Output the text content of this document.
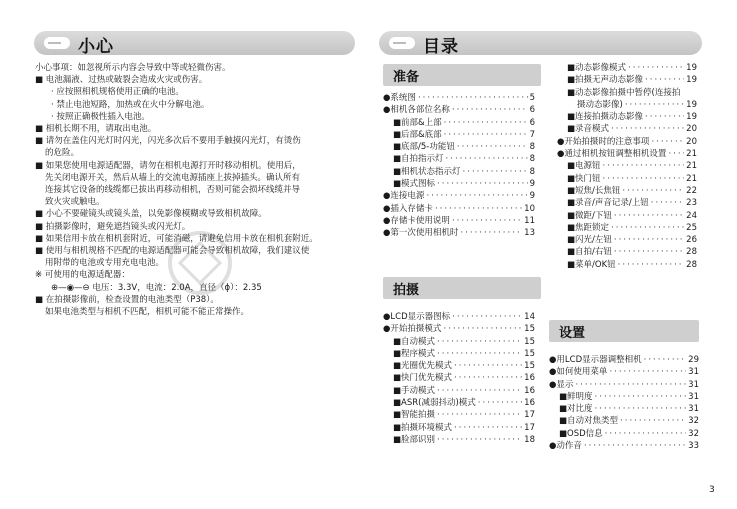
小心	目录
小心事项：如忽视所示内容会导致中等或轻微伤害。
■ 电池漏液、过热或破裂会造成火灾或伤害。
· 应按照相机规格使用正确的电池。
· 禁止电池短路，加热或在火中分解电池。
· 按照正确极性插入电池。
■ 相机长期不用，请取出电池。
■ 请勿在盖住闪光灯时闪光，闪光多次后不要用手触摸闪光灯，有烫伤
的危险。
■ 如果您使用电源适配器，请勿在相机电源打开时移动相机。使用后，
先关闭电源开关，然后从墙上的交流电源插座上拔掉插头。确认所有
连接其它设备的线缆都已拔出再移动相机，否则可能会损坏线缆并导
致火灾或触电。
■ 小心不要碰镜头或镜头盖，以免影像模糊或导致相机故障。
■ 拍摄影像时，避免遮挡镜头或闪光灯。
■ 如果信用卡放在相机套附近，可能消磁，请避免信用卡放在相机套附近。
■ 使用与相机规格不匹配的电源适配器可能会导致相机故障，我们建议使
用附带的电池或专用充电电池。
※ 可使用的电源适配器：
⊕—◉—⊖ 电压：3.3V，电流：2.0A，直径（ϕ）：2.35
■ 在拍摄影像前，检查设置的电池类型（P38）。
如果电池类型与相机不匹配，相机可能不能正常操作。
准备
● 系统图 ·····	5
● 相机各部位名称 ·····	6
■ 前部&上部 ·····	6
■ 后部&底部 ·····	7
■ 底部/5-功能钮 ·····	8
■ 自拍指示灯 ·····	8
■ 相机状态指示灯 ·····	8
■ 模式图标 ·····	9
● 连接电源 ·····	9
● 插入存储卡 ·····	10
● 存储卡使用说明 ·····	11
● 第一次使用相机时 ·····	13
拍摄
● LCD显示器图标 ·····	14
● 开始拍摄模式 ·····	15
■ 自动模式 ·····	15
■ 程序模式 ·····	15
■ 光圈优先模式 ·····	15
■ 快门优先模式 ·····	16
■ 手动模式 ·····	16
■ ASR(减弱抖动)模式 ·····	16
■ 智能拍摄 ·····	17
■ 拍摄环境模式 ·····	17
■ 脸部识别 ·····	18
■ 动态影像模式 ·····	19
■ 拍摄无声动态影像 ·····	19
■动态影像拍摄中暂停(连接拍
摄动态影像) ·····	19
■ 连接拍摄动态影像 ·····	19
■ 录音模式 ·····	20
● 开始拍摄时的注意事项 ·····	20
● 通过相机按钮调整相机设置 ····· 21
■ 电源钮 ·····	21
■ 快门钮 ·····	21
■ 短焦/长焦钮 ·····	22
■ 录音/声音记录/上钮 ·····	23
■ 微距/下钮 ·····	24
■ 焦距锁定 ·····	25
■ 闪光/左钮 ·····	26
■ 自拍/右钮 ·····	28
■ 菜单/OK钮 ·····	28
设置
● 用LCD显示器调整相机 ·····	29
● 如何使用菜单 ·····	31
● 显示 ·····	31
■ 鲜明度 ·····	31
■ 对比度 ·····	31
■ 自动对焦类型 ·····	32
■ OSD信息 ·····	32
● 动作音 ·····	33
3
